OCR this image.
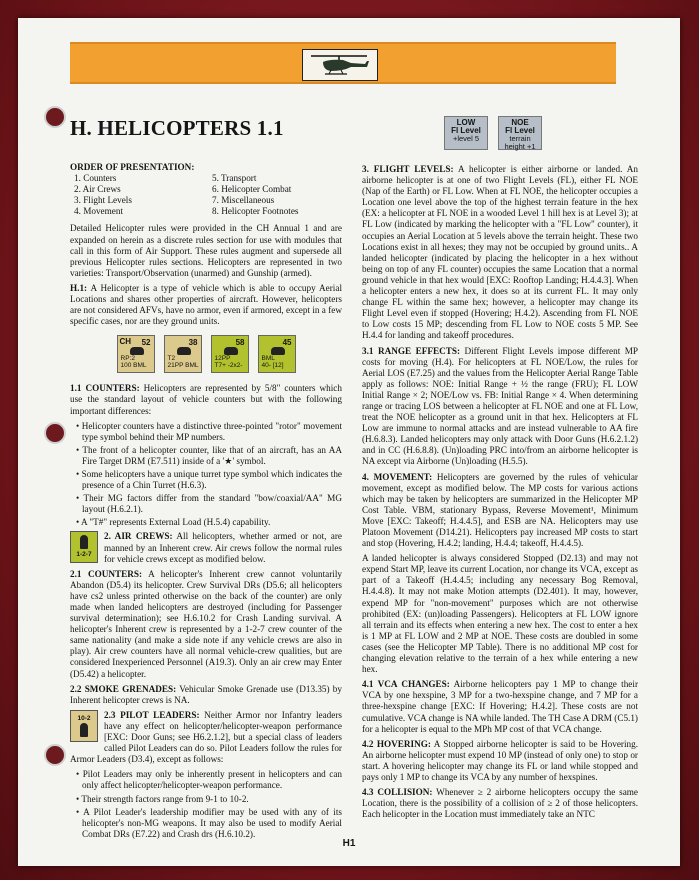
H. HELICOPTERS 1.1	LOW
Fl Level
+level 5
NOE
Fl Level
terrain height +1
ORDER OF PRESENTATION:
1. Counters	5. Transport
2. Air Crews	6. Helicopter Combat
3. Flight Levels	7. Miscellaneous
4. Movement	8. Helicopter Footnotes
Detailed Helicopter rules were provided in the CH Annual 1 and are expanded on herein as a discrete rules section for use with modules that call in this form of Air Support. These rules augment and supersede all previous Helicopter rules sections. Helicopters are represented in two varieties: Transport/Observation (unarmed) and Gunship (armed).
H.1: A Helicopter is a type of vehicle which is able to occupy Aerial Locations and shares other properties of aircraft. However, helicopters are not considered AFVs, have no armor, even if armored, except in a few specific cases, nor are they ground units.
CH 52
RP:2
100 BML
38
T2
21PP BML
58
12PP
T7+ -2x2-
45
BML
40- [12]
1.1 COUNTERS: Helicopters are represented by 5/8" counters which use the standard layout of vehicle counters but with the following important differences:
• Helicopter counters have a distinctive three-pointed "rotor" movement type symbol behind their MP numbers.
• The front of a helicopter counter, like that of an aircraft, has an AA Fire Target DRM (E7.511) inside of a '★' symbol.
• Some helicopters have a unique turret type symbol which indicates the presence of a Chin Turret (H.6.3).
• Their MG factors differ from the standard "bow/coaxial/AA" MG layout (H.6.2.1).
• A "T#" represents External Load (H.5.4) capability.
1-2-7
2. AIR CREWS: All helicopters, whether armed or not, are manned by an Inherent crew. Air crews follow the normal rules for vehicle crews except as modified below.
2.1 COUNTERS: A helicopter's Inherent crew cannot voluntarily Abandon (D5.4) its helicopter. Crew Survival DRs (D5.6; all helicopters have cs2 unless printed otherwise on the back of the counter) are only made when landed helicopters are destroyed (including for Passenger survival determination); see H.6.10.2 for Crash Landing survival. A helicopter's Inherent crew is represented by a 1-2-7 crew counter of the same nationality (and make a side note if any vehicle crews are also in play). Air crew counters have all normal vehicle-crew qualities, but are considered Inexperienced Personnel (A19.3). Only an air crew may Enter (D5.42) a helicopter.
2.2 SMOKE GRENADES: Vehicular Smoke Grenade use (D13.35) by Inherent helicopter crews is NA.
10-2	2.3 PILOT LEADERS: Neither Armor nor Infantry leaders have any effect on helicopter/helicopter-weapon performance [EXC: Door Guns; see H6.2.1.2], but a special class of leaders called Pilot Leaders can do so. Pilot Leaders follow the rules for Armor Leaders (D3.4), except as follows:
• Pilot Leaders may only be inherently present in helicopters and can only affect helicopter/helicopter-weapon performance.
• Their strength factors range from 9-1 to 10-2.
• A Pilot Leader's leadership modifier may be used with any of its helicopter's non-MG weapons. It may also be used to modify Aerial Combat DRs (E7.22) and Crash drs (H.6.10.2).
3. FLIGHT LEVELS: A helicopter is either airborne or landed. An airborne helicopter is at one of two Flight Levels (FL), either FL NOE (Nap of the Earth) or FL Low. When at FL NOE, the helicopter occupies a Location one level above the top of the highest terrain feature in the hex (EX: a helicopter at FL NOE in a wooded Level 1 hill hex is at Level 3); at FL Low (indicated by marking the helicopter with a "FL Low" counter), it occupies an Aerial Location at 5 levels above the terrain height. These two Locations exist in all hexes; they may not be occupied by ground units.. A landed helicopter (indicated by placing the helicopter in a hex without being on top of any FL counter) occupies the same Location that a normal ground vehicle in that hex would [EXC: Rooftop Landing; H.4.4.3]. When a helicopter enters a new hex, it does so at its current FL. It may only change FL within the same hex; however, a helicopter may change its Flight Level even if stopped (Hovering; H.4.2). Ascending from FL NOE to Low costs 15 MP; descending from FL Low to NOE costs 5 MP. See H.4.4 for landing and takeoff procedures.
3.1 RANGE EFFECTS: Different Flight Levels impose different MP costs for moving (H.4). For helicopters at FL NOE/Low, the rules for Aerial LOS (E7.25) and the values from the Helicopter Aerial Range Table apply as follows: NOE: Initial Range + ½ the range (FRU); FL LOW Initial Range × 2; NOE/Low vs. FB: Initial Range × 4. When determining range or tracing LOS between a helicopter at FL NOE and one at FL Low, treat the NOE helicopter as a ground unit in that hex. Helicopters at FL Low are immune to normal attacks and are instead vulnerable to AA fire (H.6.8.3). Landed helicopters may only attack with Door Guns (H.6.2.1.2) and in CC (H.6.8.8). (Un)loading PRC into/from an airborne helicopter is NA except via Airborne (Un)loading (H.5.5).
4. MOVEMENT: Helicopters are governed by the rules of vehicular movement, except as modified below. The MP costs for various actions which may be taken by helicopters are summarized in the Helicopter MP Cost Table. VBM, stationary Bypass, Reverse Movement¹, Minimum Move [EXC: Takeoff; H.4.4.5], and ESB are NA. Helicopters may use Platoon Movement (D14.21). Helicopters pay increased MP costs to start and stop (Hovering, H.4.2; landing, H.4.4; takeoff, H.4.4.5).
A landed helicopter is always considered Stopped (D2.13) and may not expend Start MP, leave its current Location, nor change its VCA, except as part of a Takeoff (H.4.4.5; including any necessary Bog Removal, H.4.4.8). It may not make Motion attempts (D2.401). It may, however, expend MP for "non-movement" purposes which are not otherwise prohibited (EX: (un)loading Passengers). Helicopters at FL LOW ignore all terrain and its effects when entering a new hex. The cost to enter a hex is 1 MP at FL LOW and 2 MP at NOE. These costs are doubled in some cases (see the Helicopter MP Table). There is no additional MP cost for changing elevation relative to the terrain of a hex while entering a new hex.
4.1 VCA CHANGES: Airborne helicopters pay 1 MP to change their VCA by one hexspine, 3 MP for a two-hexspine change, and 7 MP for a three-hexspine change [EXC: If Hovering; H.4.2]. These costs are not cumulative. VCA change is NA while landed. The TH Case A DRM (C5.1) for a helicopter is equal to the MPh MP cost of that VCA change.
4.2 HOVERING: A Stopped airborne helicopter is said to be Hovering. An airborne helicopter must expend 10 MP (instead of only one) to stop or start. A hovering helicopter may change its FL or land while stopped and pays only 1 MP to change its VCA by any number of hexspines.
4.3 COLLISION: Whenever ≥ 2 airborne helicopters occupy the same Location, there is the possibility of a collision of ≥ 2 of those helicopters. Each helicopter in the Location must immediately take an NTC
H1
